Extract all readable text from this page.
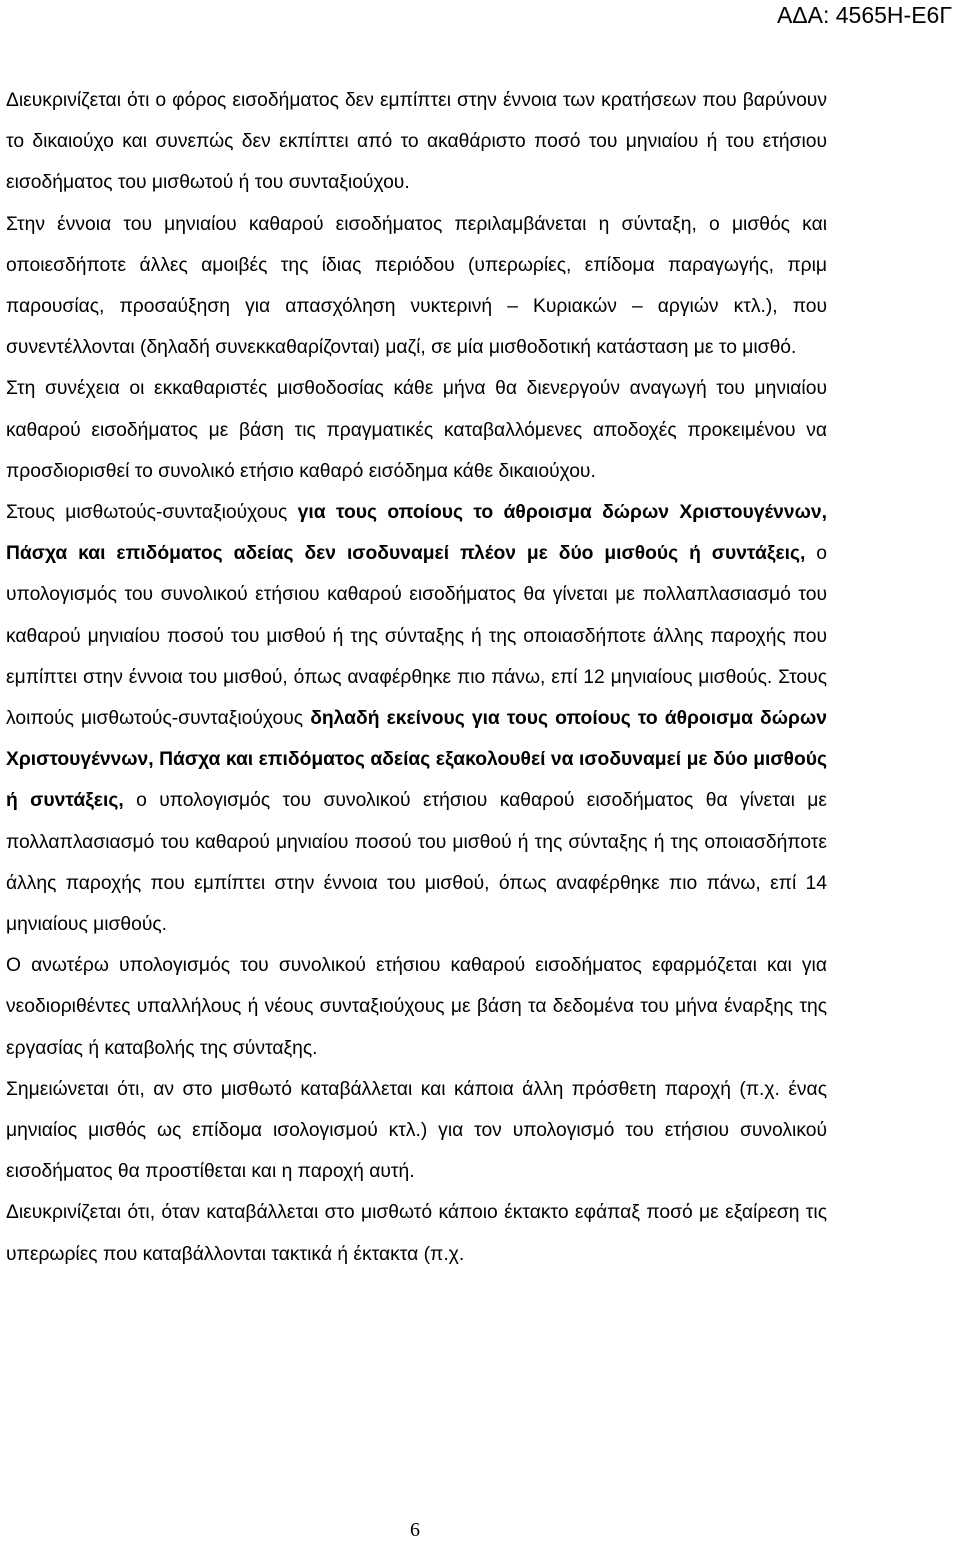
ΑΔΑ: 4565Η-Ε6Γ

Διευκρινίζεται ότι ο φόρος εισοδήματος δεν εμπίπτει στην έννοια των κρατήσεων που βαρύνουν το δικαιούχο και συνεπώς δεν εκπίπτει από το ακαθάριστο ποσό του μηνιαίου ή του ετήσιου εισοδήματος του μισθωτού ή του συνταξιούχου.

Στην έννοια του μηνιαίου καθαρού εισοδήματος περιλαμβάνεται η σύνταξη, ο μισθός και οποιεσδήποτε άλλες αμοιβές της ίδιας περιόδου (υπερωρίες, επίδομα παραγωγής, πριμ παρουσίας, προσαύξηση για απασχόληση νυκτερινή – Κυριακών – αργιών κτλ.), που συνεντέλλονται (δηλαδή συνεκκαθαρίζονται) μαζί, σε μία μισθοδοτική κατάσταση με το μισθό.

Στη συνέχεια οι εκκαθαριστές μισθοδοσίας κάθε μήνα θα διενεργούν αναγωγή του μηνιαίου καθαρού εισοδήματος με βάση τις πραγματικές καταβαλλόμενες αποδοχές προκειμένου να προσδιορισθεί το συνολικό ετήσιο καθαρό εισόδημα κάθε δικαιούχου.

Στους μισθωτούς-συνταξιούχους για τους οποίους το άθροισμα δώρων Χριστουγέννων, Πάσχα και επιδόματος αδείας δεν ισοδυναμεί πλέον με δύο μισθούς ή συντάξεις, ο υπολογισμός του συνολικού ετήσιου καθαρού εισοδήματος θα γίνεται με πολλαπλασιασμό του καθαρού μηνιαίου ποσού του μισθού ή της σύνταξης ή της οποιασδήποτε άλλης παροχής που εμπίπτει στην έννοια του μισθού, όπως αναφέρθηκε πιο πάνω, επί 12 μηνιαίους μισθούς. Στους λοιπούς μισθωτούς-συνταξιούχους δηλαδή εκείνους για τους οποίους το άθροισμα δώρων Χριστουγέννων, Πάσχα και επιδόματος αδείας εξακολουθεί να ισοδυναμεί με δύο μισθούς ή συντάξεις, ο υπολογισμός του συνολικού ετήσιου καθαρού εισοδήματος θα γίνεται με πολλαπλασιασμό του καθαρού μηνιαίου ποσού του μισθού ή της σύνταξης ή της οποιασδήποτε άλλης παροχής που εμπίπτει στην έννοια του μισθού, όπως αναφέρθηκε πιο πάνω, επί 14 μηνιαίους μισθούς.

Ο ανωτέρω υπολογισμός του συνολικού ετήσιου καθαρού εισοδήματος εφαρμόζεται και για νεοδιοριθέντες υπαλλήλους ή νέους συνταξιούχους με βάση τα δεδομένα του μήνα έναρξης της εργασίας ή καταβολής της σύνταξης.

Σημειώνεται ότι, αν στο μισθωτό καταβάλλεται και κάποια άλλη πρόσθετη παροχή (π.χ. ένας μηνιαίος μισθός ως επίδομα ισολογισμού κτλ.) για τον υπολογισμό του ετήσιου συνολικού εισοδήματος θα προστίθεται και η παροχή αυτή.

Διευκρινίζεται ότι, όταν καταβάλλεται στο μισθωτό κάποιο έκτακτο εφάπαξ ποσό με εξαίρεση τις υπερωρίες που καταβάλλονται τακτικά ή έκτακτα (π.χ.

6
